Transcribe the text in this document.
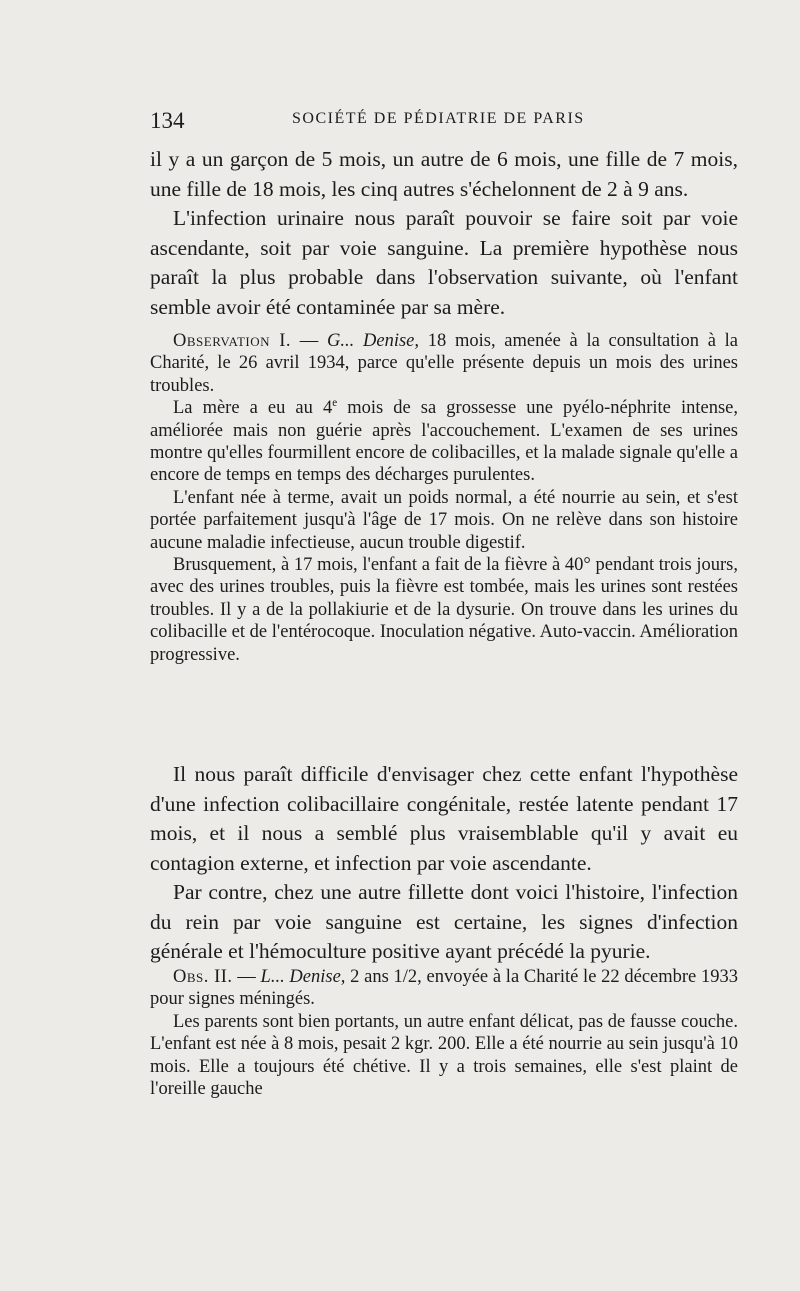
134	SOCIÉTÉ DE PÉDIATRIE DE PARIS

il y a un garçon de 5 mois, un autre de 6 mois, une fille de 7 mois, une fille de 18 mois, les cinq autres s'échelonnent de 2 à 9 ans.

L'infection urinaire nous paraît pouvoir se faire soit par voie ascendante, soit par voie sanguine. La première hypothèse nous paraît la plus probable dans l'observation suivante, où l'enfant semble avoir été contaminée par sa mère.

Observation I. — G... Denise, 18 mois, amenée à la consultation à la Charité, le 26 avril 1934, parce qu'elle présente depuis un mois des urines troubles.

La mère a eu au 4e mois de sa grossesse une pyélo-néphrite intense, améliorée mais non guérie après l'accouchement. L'examen de ses urines montre qu'elles fourmillent encore de colibacilles, et la malade signale qu'elle a encore de temps en temps des décharges purulentes.

L'enfant née à terme, avait un poids normal, a été nourrie au sein, et s'est portée parfaitement jusqu'à l'âge de 17 mois. On ne relève dans son histoire aucune maladie infectieuse, aucun trouble digestif.

Brusquement, à 17 mois, l'enfant a fait de la fièvre à 40° pendant trois jours, avec des urines troubles, puis la fièvre est tombée, mais les urines sont restées troubles. Il y a de la pollakiurie et de la dysurie. On trouve dans les urines du colibacille et de l'entérocoque. Inoculation négative. Auto-vaccin. Amélioration progressive.

Il nous paraît difficile d'envisager chez cette enfant l'hypothèse d'une infection colibacillaire congénitale, restée latente pendant 17 mois, et il nous a semblé plus vraisemblable qu'il y avait eu contagion externe, et infection par voie ascendante.

Par contre, chez une autre fillette dont voici l'histoire, l'infection du rein par voie sanguine est certaine, les signes d'infection générale et l'hémoculture positive ayant précédé la pyurie.

Obs. II. — L... Denise, 2 ans 1/2, envoyée à la Charité le 22 décembre 1933 pour signes méningés.

Les parents sont bien portants, un autre enfant délicat, pas de fausse couche. L'enfant est née à 8 mois, pesait 2 kgr. 200. Elle a été nourrie au sein jusqu'à 10 mois. Elle a toujours été chétive. Il y a trois semaines, elle s'est plaint de l'oreille gauche
